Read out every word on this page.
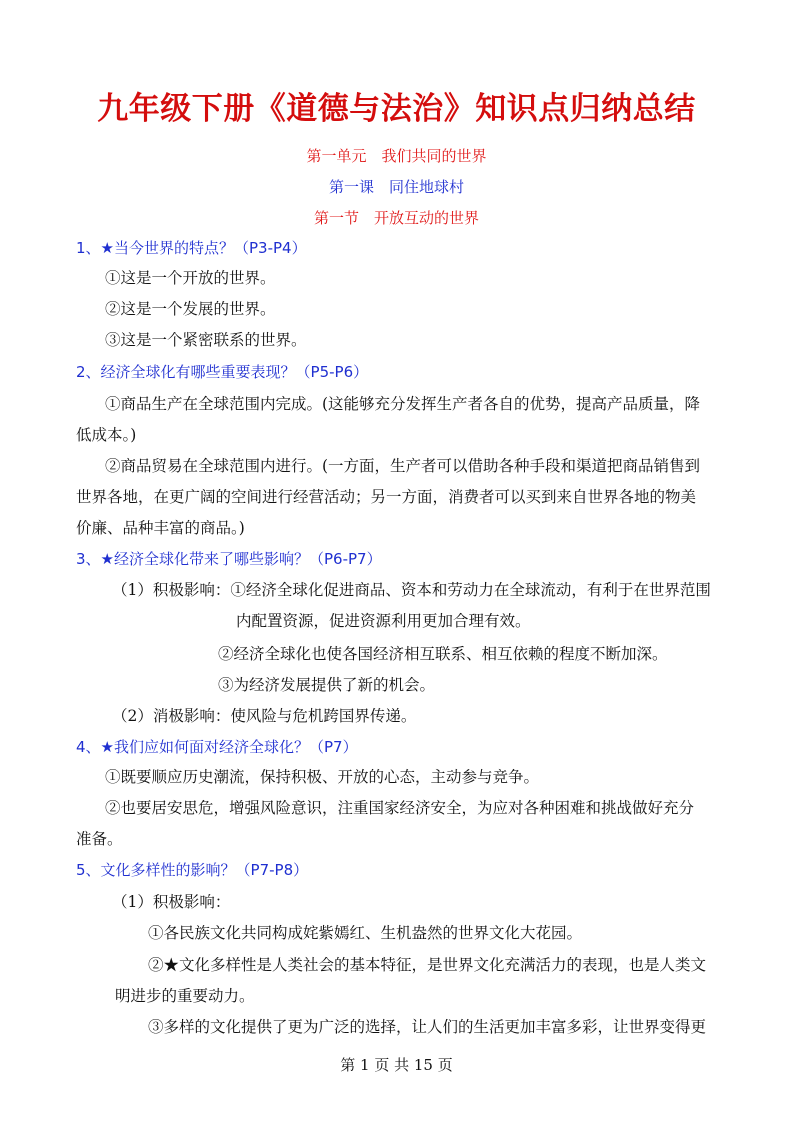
九年级下册《道德与法治》知识点归纳总结
第一单元　我们共同的世界
第一课　同住地球村
第一节　开放互动的世界
1、★当今世界的特点？（P3-P4）
①这是一个开放的世界。
②这是一个发展的世界。
③这是一个紧密联系的世界。
2、经济全球化有哪些重要表现？（P5-P6）
①商品生产在全球范围内完成。(这能够充分发挥生产者各自的优势，提高产品质量，降
低成本。)
②商品贸易在全球范围内进行。(一方面，生产者可以借助各种手段和渠道把商品销售到
世界各地，在更广阔的空间进行经营活动；另一方面，消费者可以买到来自世界各地的物美
价廉、品种丰富的商品。)
3、★经济全球化带来了哪些影响？（P6-P7）
（1）积极影响：①经济全球化促进商品、资本和劳动力在全球流动，有利于在世界范围
内配置资源，促进资源利用更加合理有效。
②经济全球化也使各国经济相互联系、相互依赖的程度不断加深。
③为经济发展提供了新的机会。
（2）消极影响：使风险与危机跨国界传递。
4、★我们应如何面对经济全球化？（P7）
①既要顺应历史潮流，保持积极、开放的心态，主动参与竞争。
②也要居安思危，增强风险意识，注重国家经济安全，为应对各种困难和挑战做好充分
准备。
5、文化多样性的影响？（P7-P8）
（1）积极影响：
①各民族文化共同构成姹紫嫣红、生机盎然的世界文化大花园。
②★文化多样性是人类社会的基本特征，是世界文化充满活力的表现，也是人类文
明进步的重要动力。
③多样的文化提供了更为广泛的选择，让人们的生活更加丰富多彩，让世界变得更
第 1 页 共 15 页
